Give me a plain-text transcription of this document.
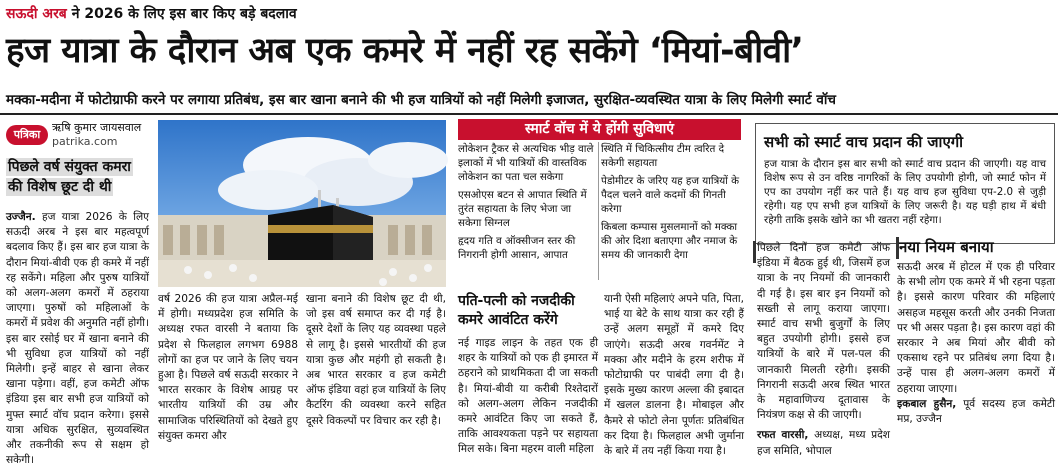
सऊदी अरब ने 2026 के लिए इस बार किए बड़े बदलाव
हज यात्रा के दौरान अब एक कमरे में नहीं रह सकेंगे ‘मियां-बीवी’
मक्का-मदीना में फोटोग्राफी करने पर लगाया प्रतिबंध, इस बार खाना बनाने की भी हज यात्रियों को नहीं मिलेगी इजाजत, सुरक्षित-व्यवस्थित यात्रा के लिए मिलेगी स्मार्ट वॉच
पत्रिका
ऋषि कुमार जायसवाल
patrika.com
पिछले वर्ष संयुक्त कमरा की विशेष छूट दी थी
उज्जैन. हज यात्रा 2026 के लिए सऊदी अरब ने इस बार महत्वपूर्ण बदलाव किए हैं। इस बार हज यात्रा के दौरान मियां-बीवी एक ही कमरे में नहीं रह सकेंगे। महिला और पुरुष यात्रियों को अलग-अलग कमरों में ठहराया जाएगा। पुरुषों को महिलाओं के कमरों में प्रवेश की अनुमति नहीं होगी। इस बार रसोई घर में खाना बनाने की भी सुविधा हज यात्रियों को नहीं मिलेगी। इन्हें बाहर से खाना लेकर खाना पड़ेगा। वहीं, हज कमेटी ऑफ इंडिया इस बार सभी हज यात्रियों को मुफ्त स्मार्ट वॉच प्रदान करेगा। इससे यात्रा अधिक सुरक्षित, सुव्यवस्थित और तकनीकी रूप से सक्षम हो सकेगी।
वर्ष 2026 की हज यात्रा अप्रैल-मई में होगी। मध्यप्रदेश हज समिति के अध्यक्ष रफत वारसी ने बताया कि प्रदेश से फिलहाल लगभग 6988 लोगों का हज पर जाने के लिए चयन हुआ है। पिछले वर्ष सऊदी सरकार ने भारत सरकार के विशेष आग्रह पर भारतीय यात्रियों की उम्र और सामाजिक परिस्थितियों को देखते हुए संयुक्त कमरा और
खाना बनाने की विशेष छूट दी थी, जो इस वर्ष समाप्त कर दी गई है। दूसरे देशों के लिए यह व्यवस्था पहले से लागू है। इससे भारतीयों की हज यात्रा कुछ और महंगी हो सकती है। अब भारत सरकार व हज कमेटी ऑफ इंडिया वहां हज यात्रियों के लिए कैटरिंग की व्यवस्था करने सहित दूसरे विकल्पों पर विचार कर रही है।
स्मार्ट वॉच में ये होंगी सुविधाएं
लोकेशन ट्रैकर से अत्यधिक भीड़ वाले इलाकों में भी यात्रियों की वास्तविक लोकेशन का पता चल सकेगा
एसओएस बटन से आपात स्थिति में तुरंत सहायता के लिए भेजा जा सकेगा सिग्नल
हृदय गति व ऑक्सीजन स्तर की निगरानी होगी आसान, आपात
स्थिति में चिकित्सीय टीम त्वरित दे सकेगी सहायता
पेडोमीटर के जरिए यह हज यात्रियों के पैदल चलने वाले कदमों की गिनती करेगा
किबला कम्पास मुसलमानों को मक्का की ओर दिशा बताएगा और नमाज के समय की जानकारी देगा
पति-पत्नी को नजदीकी कमरे आवंटित करेंगे
नई गाइड लाइन के तहत एक ही शहर के यात्रियों को एक ही इमारत में ठहराने को प्राथमिकता दी जा सकती है। मियां-बीवी या करीबी रिश्तेदारों को अलग-अलग लेकिन नजदीकी कमरे आवंटित किए जा सकते हैं, ताकि आवश्यकता पड़ने पर सहायता मिल सके। बिना महरम वाली महिला
यानी ऐसी महिलाएं अपने पति, पिता, भाई या बेटे के साथ यात्रा कर रही हैं उन्हें अलग समूहों में कमरे दिए जाएंगे। सऊदी अरब गवर्नमेंट ने मक्का और मदीने के हरम शरीफ में फोटोग्राफी पर पाबंदी लगा दी है। इसके मुख्य कारण अल्ला की इबादत में खलल डालना है। मोबाइल और कैमरे से फोटो लेना पूर्णतः प्रतिबंधित कर दिया है। फिलहाल अभी जुर्माना के बारे में तय नहीं किया गया है।
सभी को स्मार्ट वाच प्रदान की जाएगी
हज यात्रा के दौरान इस बार सभी को स्मार्ट वाच प्रदान की जाएगी। यह वाच विशेष रूप से उन वरिष्ठ नागरिकों के लिए उपयोगी होगी, जो स्मार्ट फोन में एप का उपयोग नहीं कर पाते हैं। यह वाच हज सुविधा एप-2.0 से जुड़ी रहेगी। यह एप सभी हज यात्रियों के लिए जरूरी है। यह घड़ी हाथ में बंधी रहेगी ताकि इसके खोने का भी खतरा नहीं रहेगा।
पिछले दिनों हज कमेटी ऑफ इंडिया में बैठक हुई थी, जिसमें हज यात्रा के नए नियमों की जानकारी दी गई है। इस बार इन नियमों को सख्ती से लागू कराया जाएगा। स्मार्ट वाच सभी बुजुर्गों के लिए बहुत उपयोगी होगी। इससे हज यात्रियों के बारे में पल-पल की जानकारी मिलती रहेगी। इसकी निगरानी सऊदी अरब स्थित भारत के महावाणिज्य दूतावास के नियंत्रण कक्ष से की जाएगी।
रफत वारसी, अध्यक्ष, मध्य प्रदेश हज समिति, भोपाल
नया नियम बनाया
सऊदी अरब में होटल में एक ही परिवार के सभी लोग एक कमरे में भी रहना पड़ता है। इससे कारण परिवार की महिलाएं असहज महसूस करती और उनकी निजता पर भी असर पड़ता है। इस कारण वहां की सरकार ने अब मियां और बीवी को एकसाथ रहने पर प्रतिबंध लगा दिया है। उन्हें पास ही अलग-अलग कमरों में ठहराया जाएगा।
इकबाल हुसैन, पूर्व सदस्य हज कमेटी मप्र, उज्जैन
